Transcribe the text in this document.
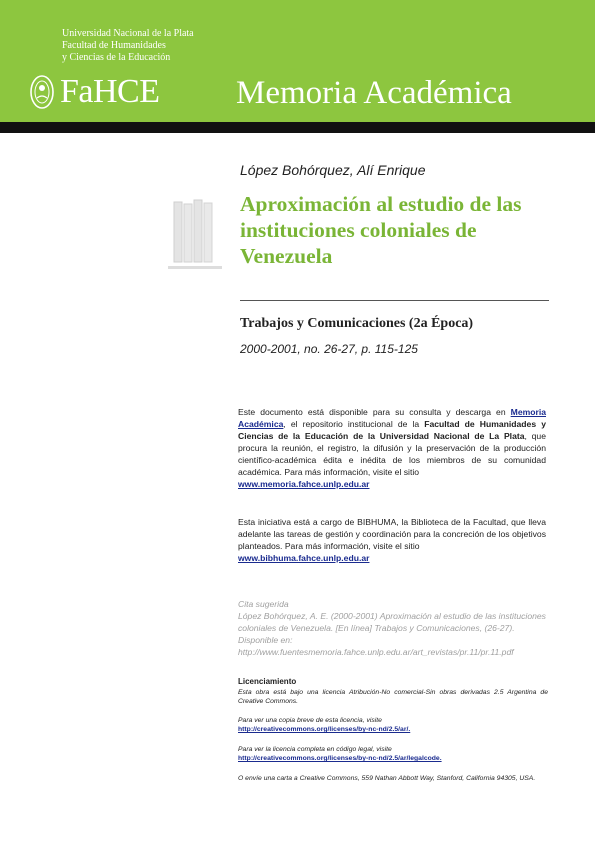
Universidad Nacional de la Plata
Facultad de Humanidades
y Ciencias de la Educación
FaHCE Memoria Académica
López Bohórquez, Alí Enrique
Aproximación al estudio de las instituciones coloniales de Venezuela
Trabajos y Comunicaciones (2a Época)
2000-2001, no. 26-27, p. 115-125
Este documento está disponible para su consulta y descarga en Memoria Académica, el repositorio institucional de la Facultad de Humanidades y Ciencias de la Educación de la Universidad Nacional de La Plata, que procura la reunión, el registro, la difusión y la preservación de la producción científico-académica édita e inédita de los miembros de su comunidad académica. Para más información, visite el sitio
www.memoria.fahce.unlp.edu.ar
Esta iniciativa está a cargo de BIBHUMA, la Biblioteca de la Facultad, que lleva adelante las tareas de gestión y coordinación para la concreción de los objetivos planteados. Para más información, visite el sitio
www.bibhuma.fahce.unlp.edu.ar
Cita sugerida
López Bohórquez, A. E. (2000-2001) Aproximación al estudio de las instituciones coloniales de Venezuela. [En línea] Trabajos y Comunicaciones, (26-27). Disponible en: http://www.fuentesmemoria.fahce.unlp.edu.ar/art_revistas/pr.11/pr.11.pdf
Licenciamiento
Esta obra está bajo una licencia Atribución-No comercial-Sin obras derivadas 2.5 Argentina de Creative Commons.
Para ver una copia breve de esta licencia, visite
http://creativecommons.org/licenses/by-nc-nd/2.5/ar/.
Para ver la licencia completa en código legal, visite
http://creativecommons.org/licenses/by-nc-nd/2.5/ar/legalcode.
O envíe una carta a Creative Commons, 559 Nathan Abbott Way, Stanford, California 94305, USA.
